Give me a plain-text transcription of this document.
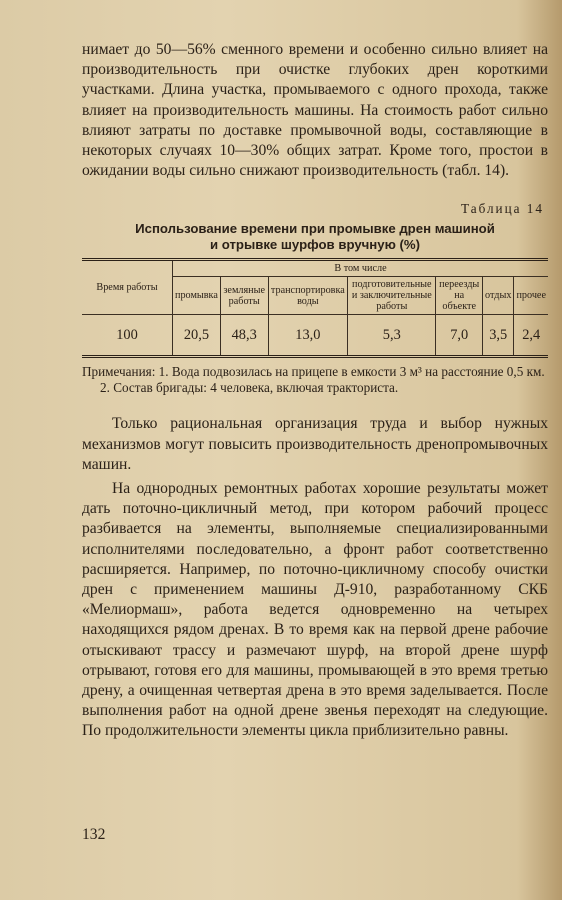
нимает до 50—56% сменного времени и особенно сильно влияет на производительность при очистке глубоких дрен короткими участками. Длина участка, промываемого с одного прохода, также влияет на производительность машины. На стоимость работ сильно влияют затраты по доставке промывочной воды, составляющие в некоторых случаях 10—30% общих затрат. Кроме того, простои в ожидании воды сильно снижают производительность (табл. 14).

Таблица 14
Использование времени при промывке дрен машиной
и отрывке шурфов вручную (%)
Время работы	В том числе						
	промывка	земляные работы	транспортировка воды	подготовительные и заключительные работы	переезды на объекте	отдых	прочее
100	20,5	48,3	13,0	5,3	7,0	3,5	2,4

Примечания: 1. Вода подвозилась на прицепе в емкости 3 м³ на расстояние 0,5 км.

2. Состав бригады: 4 человека, включая тракториста.

Только рациональная организация труда и выбор нужных механизмов могут повысить производительность дренопромывочных машин.

На однородных ремонтных работах хорошие результаты может дать поточно-цикличный метод, при котором рабочий процесс разбивается на элементы, выполняемые специализированными исполнителями последовательно, а фронт работ соответственно расширяется. Например, по поточно-цикличному способу очистки дрен с применением машины Д-910, разработанному СКБ «Мелиормаш», работа ведется одновременно на четырех находящихся рядом дренах. В то время как на первой дрене рабочие отыскивают трассу и размечают шурф, на второй дрене шурф отрывают, готовя его для машины, промывающей в это время третью дрену, а очищенная четвертая дрена в это время заделывается. После выполнения работ на одной дрене звенья переходят на следующие. По продолжительности элементы цикла приблизительно равны.

132
